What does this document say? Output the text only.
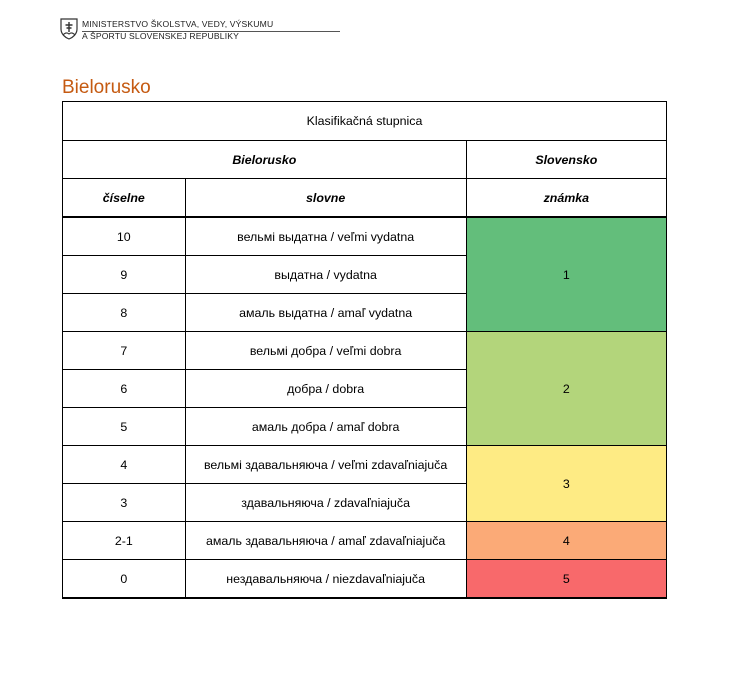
MINISTERSTVO ŠKOLSTVA, VEDY, VÝSKUMU
A ŠPORTU SLOVENSKEJ REPUBLIKY
Bielorusko
Klasifikačná stupnica		
Bielorusko		Slovensko
číselne	slovne	známka
10	вельмі выдатна / veľmi vydatna	1
9	выдатна / vydatna	
8	амаль выдатна / amaľ vydatna	
7	вельмі добра / veľmi dobra	2
6	добра / dobra	
5	амаль добра / amaľ dobra	
4	вельмі здавальняюча / veľmi zdavaľniajuča	3
3	здавальняюча / zdavaľniajuča	
2-1	амаль здавальняюча / amaľ zdavaľniajuča	4
0	нездавальняюча / niezdavaľniajuča	5
